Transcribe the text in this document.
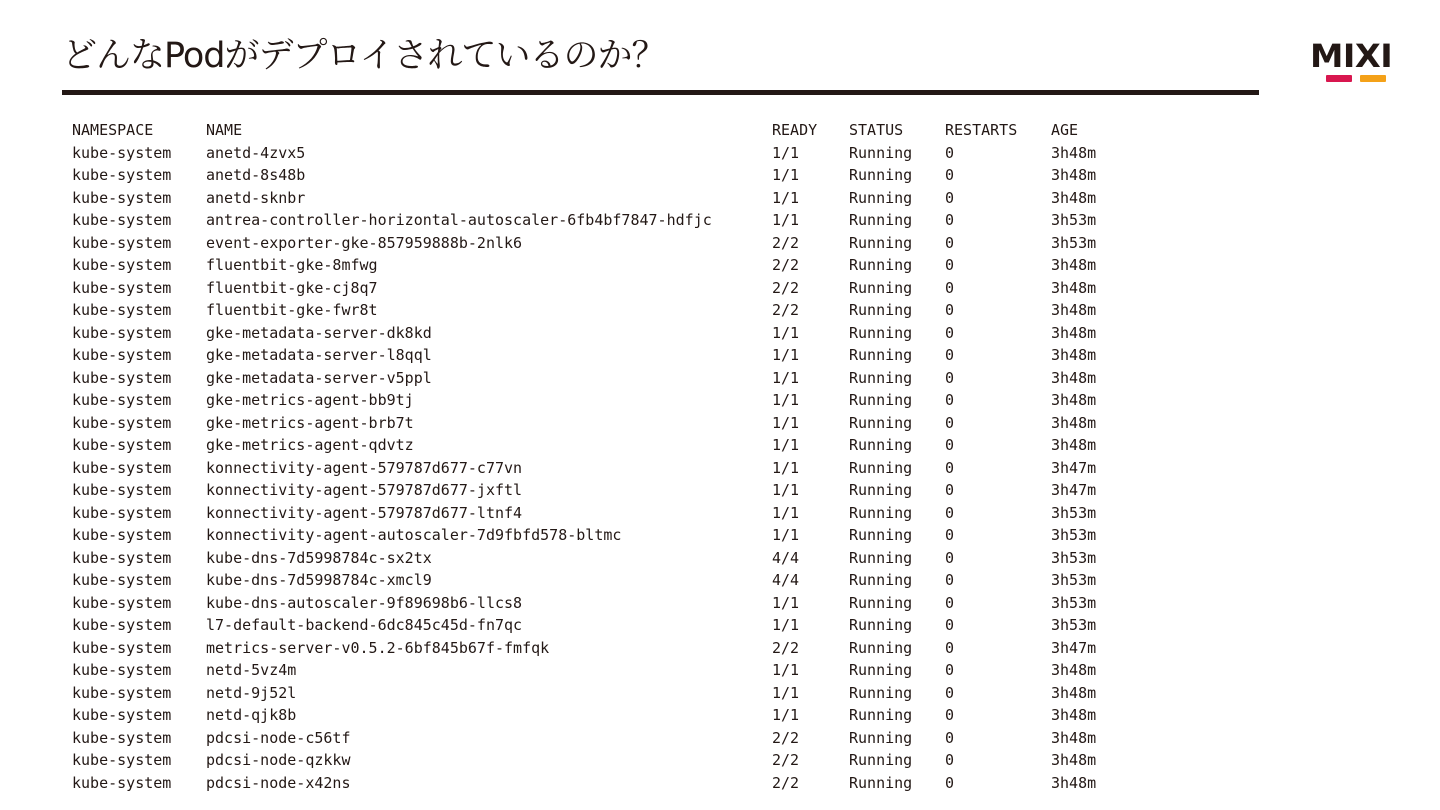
どんなPodがデプロイされているのか？	MIXI
NAMESPACE	NAME	READY STATUS	RESTARTS AGE
kube-system anetd-4zvx5	1/1	Running 0	3h48m
kube-system anetd-8s48b	1/1	Running 0	3h48m
kube-system anetd-sknbr	1/1	Running 0	3h48m
kube-system antrea-controller-horizontal-autoscaler-6fb4bf7847-hdfjc	1/1	Running 0	3h53m
kube-system event-exporter-gke-857959888b-2nlk6	2/2	Running 0	3h53m
kube-system fluentbit-gke-8mfwg	2/2	Running 0	3h48m
kube-system fluentbit-gke-cj8q7	2/2	Running 0	3h48m
kube-system fluentbit-gke-fwr8t	2/2	Running 0	3h48m
kube-system gke-metadata-server-dk8kd	1/1	Running 0	3h48m
kube-system gke-metadata-server-l8qql	1/1	Running 0	3h48m
kube-system gke-metadata-server-v5ppl	1/1	Running 0	3h48m
kube-system gke-metrics-agent-bb9tj	1/1	Running 0	3h48m
kube-system gke-metrics-agent-brb7t	1/1	Running 0	3h48m
kube-system gke-metrics-agent-qdvtz	1/1	Running 0	3h48m
kube-system konnectivity-agent-579787d677-c77vn	1/1	Running 0	3h47m
kube-system konnectivity-agent-579787d677-jxftl	1/1	Running 0	3h47m
kube-system konnectivity-agent-579787d677-ltnf4	1/1	Running 0	3h53m
kube-system konnectivity-agent-autoscaler-7d9fbfd578-bltmc	1/1	Running 0	3h53m
kube-system kube-dns-7d5998784c-sx2tx	4/4	Running 0	3h53m
kube-system kube-dns-7d5998784c-xmcl9	4/4	Running 0	3h53m
kube-system kube-dns-autoscaler-9f89698b6-llcs8	1/1	Running 0	3h53m
kube-system l7-default-backend-6dc845c45d-fn7qc	1/1	Running 0	3h53m
kube-system metrics-server-v0.5.2-6bf845b67f-fmfqk	2/2	Running 0	3h47m
kube-system netd-5vz4m	1/1	Running 0	3h48m
kube-system netd-9j52l	1/1	Running 0	3h48m
kube-system netd-qjk8b	1/1	Running 0	3h48m
kube-system pdcsi-node-c56tf	2/2	Running 0	3h48m
kube-system pdcsi-node-qzkkw	2/2	Running 0	3h48m
kube-system pdcsi-node-x42ns	2/2	Running 0	3h48m
